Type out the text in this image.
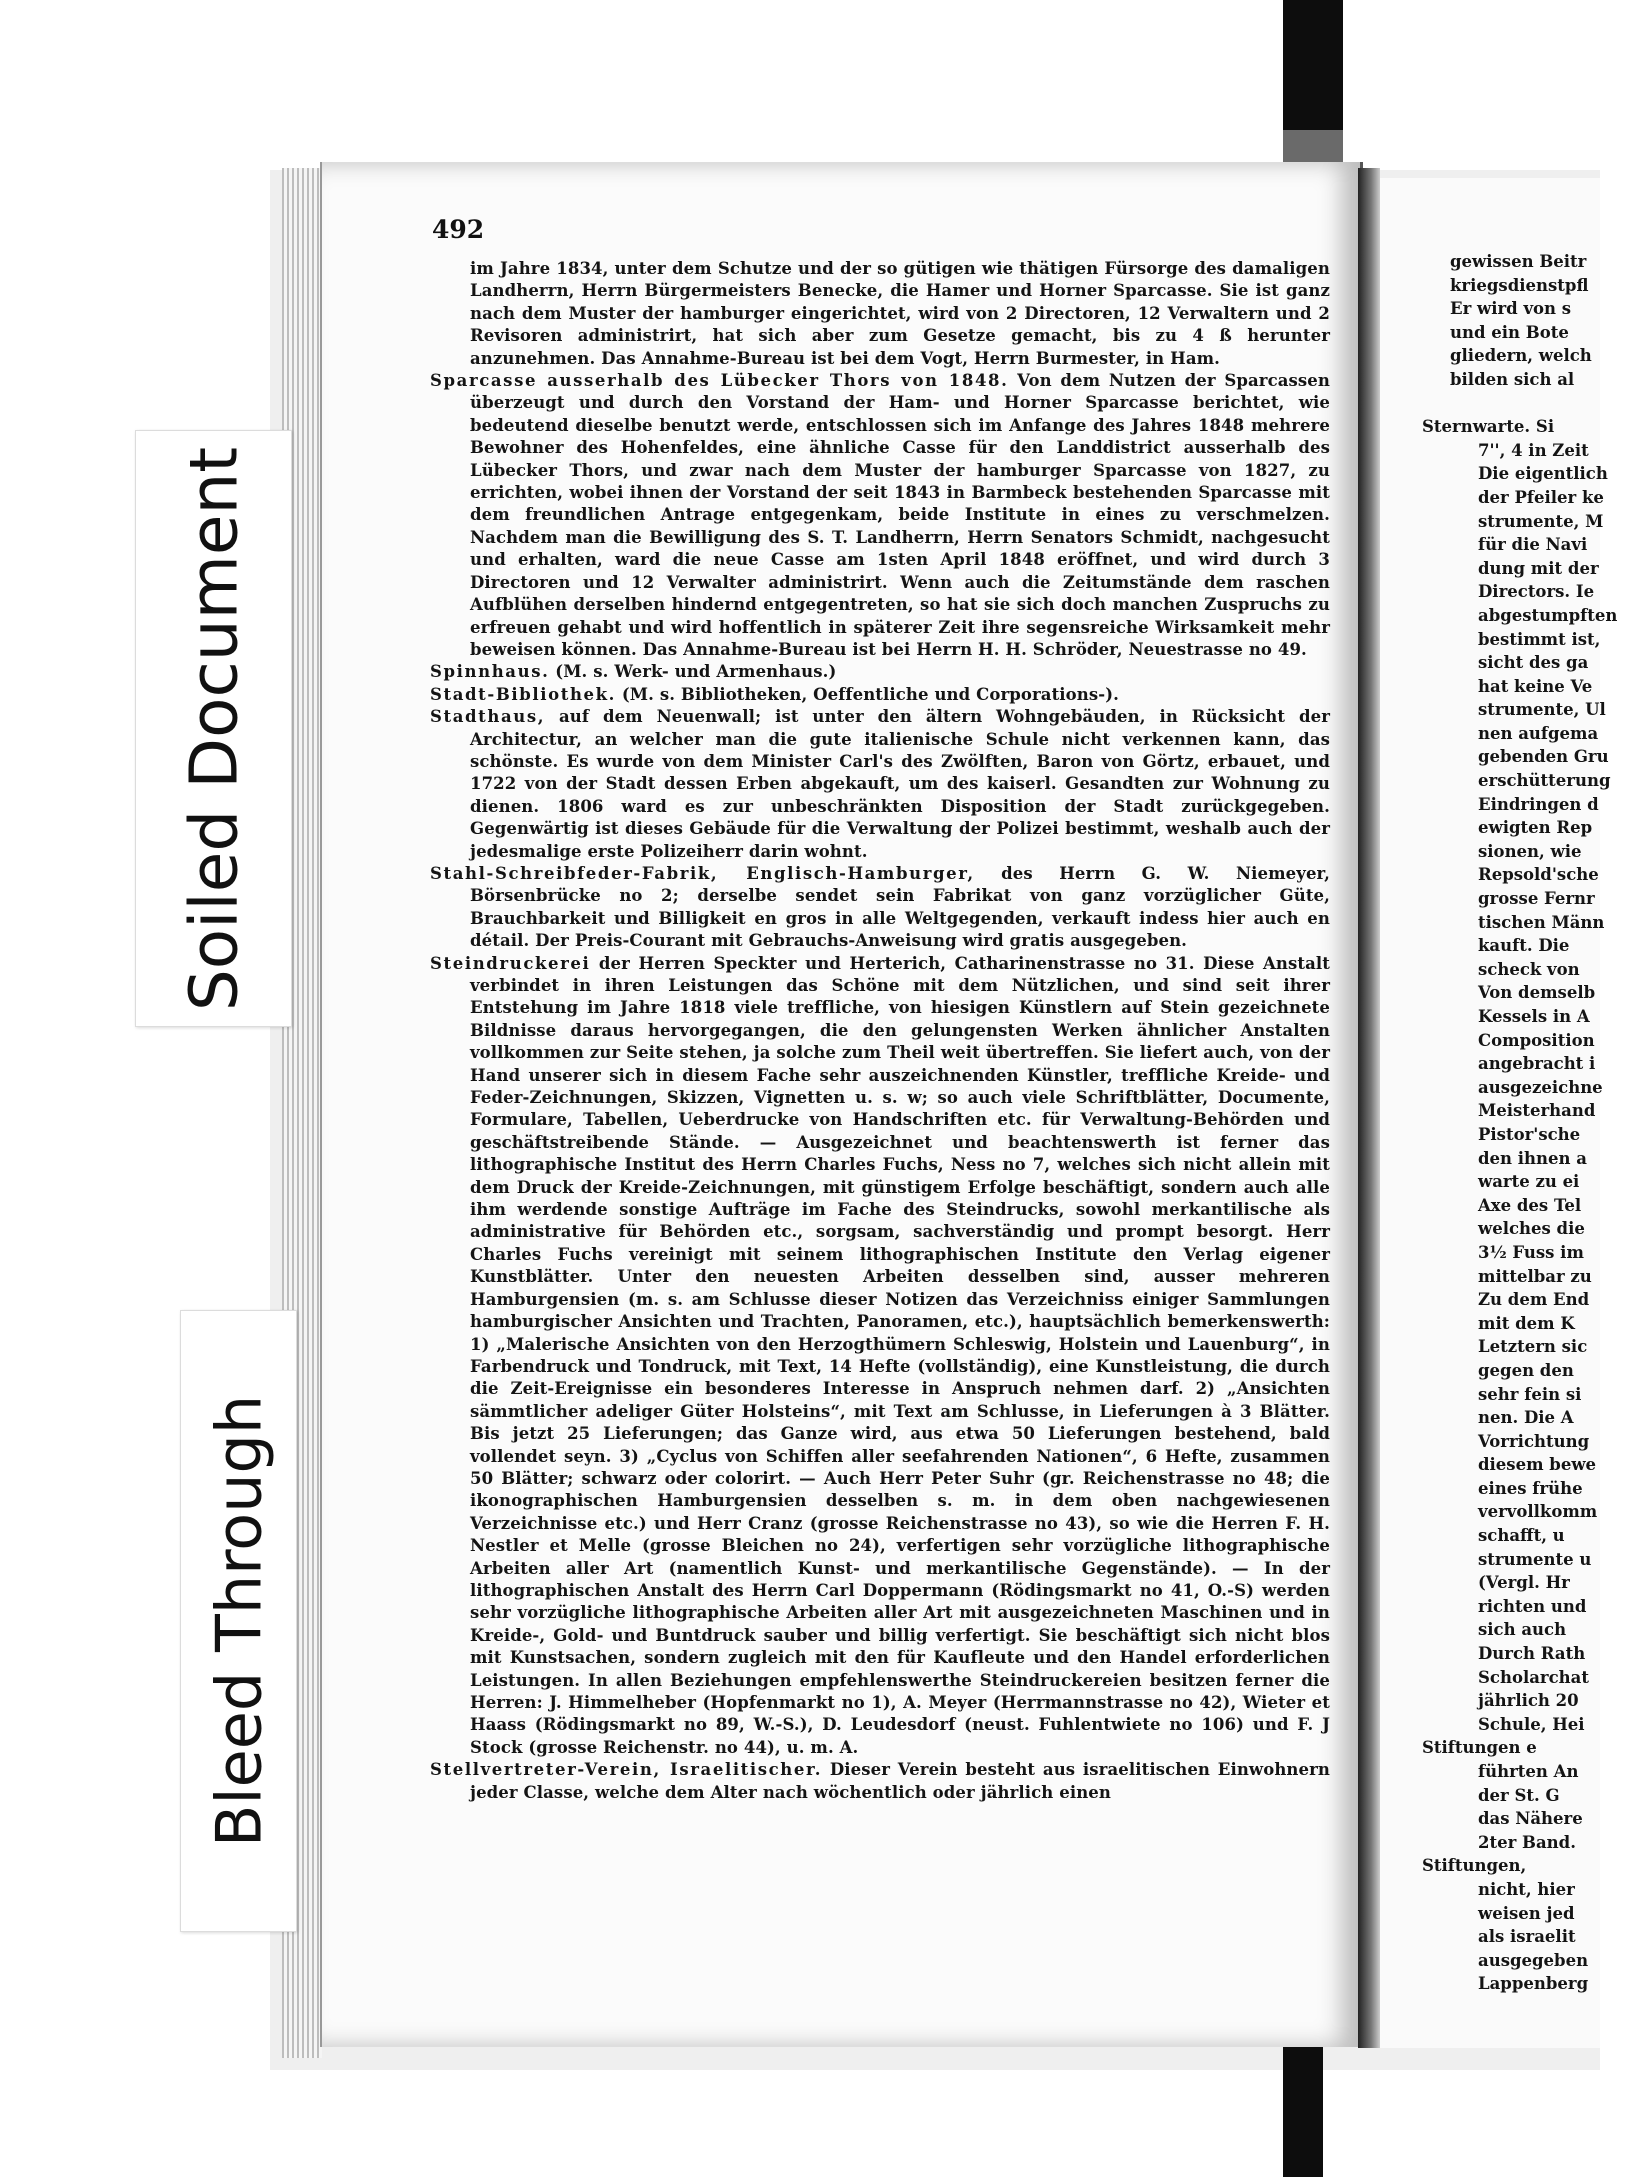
492

im Jahre 1834, unter dem Schutze und der so gütigen wie thätigen Fürsorge des damaligen Landherrn, Herrn Bürgermeisters Benecke, die Hamer und Horner Sparcasse. Sie ist ganz nach dem Muster der hamburger eingerichtet, wird von 2 Directoren, 12 Verwaltern und 2 Revisoren administrirt, hat sich aber zum Gesetze gemacht, bis zu 4 ß herunter anzunehmen. Das Annahme-Bureau ist bei dem Vogt, Herrn Burmester, in Ham.

Sparcasse ausserhalb des Lübecker Thors von 1848. Von dem Nutzen der Sparcassen überzeugt und durch den Vorstand der Ham- und Horner Sparcasse berichtet, wie bedeutend dieselbe benutzt werde, entschlossen sich im Anfange des Jahres 1848 mehrere Bewohner des Hohenfeldes, eine ähnliche Casse für den Landdistrict ausserhalb des Lübecker Thors, und zwar nach dem Muster der hamburger Sparcasse von 1827, zu errichten, wobei ihnen der Vorstand der seit 1843 in Barmbeck bestehenden Sparcasse mit dem freundlichen Antrage entgegenkam, beide Institute in eines zu verschmelzen. Nachdem man die Bewilligung des S. T. Landherrn, Herrn Senators Schmidt, nachgesucht und erhalten, ward die neue Casse am 1sten April 1848 eröffnet, und wird durch 3 Directoren und 12 Verwalter administrirt. Wenn auch die Zeitumstände dem raschen Aufblühen derselben hindernd entgegentreten, so hat sie sich doch manchen Zuspruchs zu erfreuen gehabt und wird hoffentlich in späterer Zeit ihre segensreiche Wirksamkeit mehr beweisen können. Das Annahme-Bureau ist bei Herrn H. H. Schröder, Neuestrasse no 49.

Spinnhaus. (M. s. Werk- und Armenhaus.)

Stadt-Bibliothek. (M. s. Bibliotheken, Oeffentliche und Corporations-).

Stadthaus, auf dem Neuenwall; ist unter den ältern Wohngebäuden, in Rücksicht der Architectur, an welcher man die gute italienische Schule nicht verkennen kann, das schönste. Es wurde von dem Minister Carl's des Zwölften, Baron von Görtz, erbauet, und 1722 von der Stadt dessen Erben abgekauft, um des kaiserl. Gesandten zur Wohnung zu dienen. 1806 ward es zur unbeschränkten Disposition der Stadt zurückgegeben. Gegenwärtig ist dieses Gebäude für die Verwaltung der Polizei bestimmt, weshalb auch der jedesmalige erste Polizeiherr darin wohnt.

Stahl-Schreibfeder-Fabrik, Englisch-Hamburger, des Herrn G. W. Niemeyer, Börsenbrücke no 2; derselbe sendet sein Fabrikat von ganz vorzüglicher Güte, Brauchbarkeit und Billigkeit en gros in alle Weltgegenden, verkauft indess hier auch en détail. Der Preis-Courant mit Gebrauchs-Anweisung wird gratis ausgegeben.

Steindruckerei der Herren Speckter und Herterich, Catharinenstrasse no 31. Diese Anstalt verbindet in ihren Leistungen das Schöne mit dem Nützlichen, und sind seit ihrer Entstehung im Jahre 1818 viele treffliche, von hiesigen Künstlern auf Stein gezeichnete Bildnisse daraus hervorgegangen, die den gelungensten Werken ähnlicher Anstalten vollkommen zur Seite stehen, ja solche zum Theil weit übertreffen. Sie liefert auch, von der Hand unserer sich in diesem Fache sehr auszeichnenden Künstler, treffliche Kreide- und Feder-Zeichnungen, Skizzen, Vignetten u. s. w; so auch viele Schriftblätter, Documente, Formulare, Tabellen, Ueberdrucke von Handschriften etc. für Verwaltung-Behörden und geschäftstreibende Stände. — Ausgezeichnet und beachtenswerth ist ferner das lithographische Institut des Herrn Charles Fuchs, Ness no 7, welches sich nicht allein mit dem Druck der Kreide-Zeichnungen, mit günstigem Erfolge beschäftigt, sondern auch alle ihm werdende sonstige Aufträge im Fache des Steindrucks, sowohl merkantilische als administrative für Behörden etc., sorgsam, sachverständig und prompt besorgt. Herr Charles Fuchs vereinigt mit seinem lithographischen Institute den Verlag eigener Kunstblätter. Unter den neuesten Arbeiten desselben sind, ausser mehreren Hamburgensien (m. s. am Schlusse dieser Notizen das Verzeichniss einiger Sammlungen hamburgischer Ansichten und Trachten, Panoramen, etc.), hauptsächlich bemerkenswerth: 1) „Malerische Ansichten von den Herzogthümern Schleswig, Holstein und Lauenburg“, in Farbendruck und Tondruck, mit Text, 14 Hefte (vollständig), eine Kunstleistung, die durch die Zeit-Ereignisse ein besonderes Interesse in Anspruch nehmen darf. 2) „Ansichten sämmtlicher adeliger Güter Holsteins“, mit Text am Schlusse, in Lieferungen à 3 Blätter. Bis jetzt 25 Lieferungen; das Ganze wird, aus etwa 50 Lieferungen bestehend, bald vollendet seyn. 3) „Cyclus von Schiffen aller seefahrenden Nationen“, 6 Hefte, zusammen 50 Blätter; schwarz oder colorirt. — Auch Herr Peter Suhr (gr. Reichenstrasse no 48; die ikonographischen Hamburgensien desselben s. m. in dem oben nachgewiesenen Verzeichnisse etc.) und Herr Cranz (grosse Reichenstrasse no 43), so wie die Herren F. H. Nestler et Melle (grosse Bleichen no 24), verfertigen sehr vorzügliche lithographische Arbeiten aller Art (namentlich Kunst- und merkantilische Gegenstände). — In der lithographischen Anstalt des Herrn Carl Doppermann (Rödingsmarkt no 41, O.-S) werden sehr vorzügliche lithographische Arbeiten aller Art mit ausgezeichneten Maschinen und in Kreide-, Gold- und Buntdruck sauber und billig verfertigt. Sie beschäftigt sich nicht blos mit Kunstsachen, sondern zugleich mit den für Kaufleute und den Handel erforderlichen Leistungen. In allen Beziehungen empfehlenswerthe Steindruckereien besitzen ferner die Herren: J. Himmelheber (Hopfenmarkt no 1), A. Meyer (Herrmannstrasse no 42), Wieter et Haass (Rödingsmarkt no 89, W.-S.), D. Leudesdorf (neust. Fuhlentwiete no 106) und F. J Stock (grosse Reichenstr. no 44), u. m. A.

Stellvertreter-Verein, Israelitischer. Dieser Verein besteht aus israelitischen Einwohnern jeder Classe, welche dem Alter nach wöchentlich oder jährlich einen

gewissen Beitr
kriegsdienstpfl
Er wird von s
und ein Bote
gliedern, welch
bilden sich al
Sternwarte. Si
7'', 4 in Zeit
Die eigentlich
der Pfeiler ke
strumente, M
für die Navi
dung mit der
Directors. Ie
abgestumpften
bestimmt ist,
sicht des ga
hat keine Ve
strumente, Ul
nen aufgema
gebenden Gru
erschütterung
Eindringen d
ewigten Rep
sionen, wie
Repsold'sche
grosse Fernr
tischen Männ
kauft. Die
scheck von
Von demselb
Kessels in A
Composition
angebracht i
ausgezeichne
Meisterhand
Pistor'sche
den ihnen a
warte zu ei
Axe des Tel
welches die
3½ Fuss im
mittelbar zu
Zu dem End
mit dem K
Letztern sic
gegen den
sehr fein si
nen. Die A
Vorrichtung
diesem bewe
eines frühe
vervollkomm
schafft, u
strumente u
(Vergl. Hr
richten und
sich auch
Durch Rath
Scholarchat
jährlich 20
Schule, Hei
Stiftungen e
führten An
der St. G
das Nähere
2ter Band.
Stiftungen,
nicht, hier
weisen jed
als israelit
ausgegeben
Lappenberg
Soiled Document
Bleed Through
